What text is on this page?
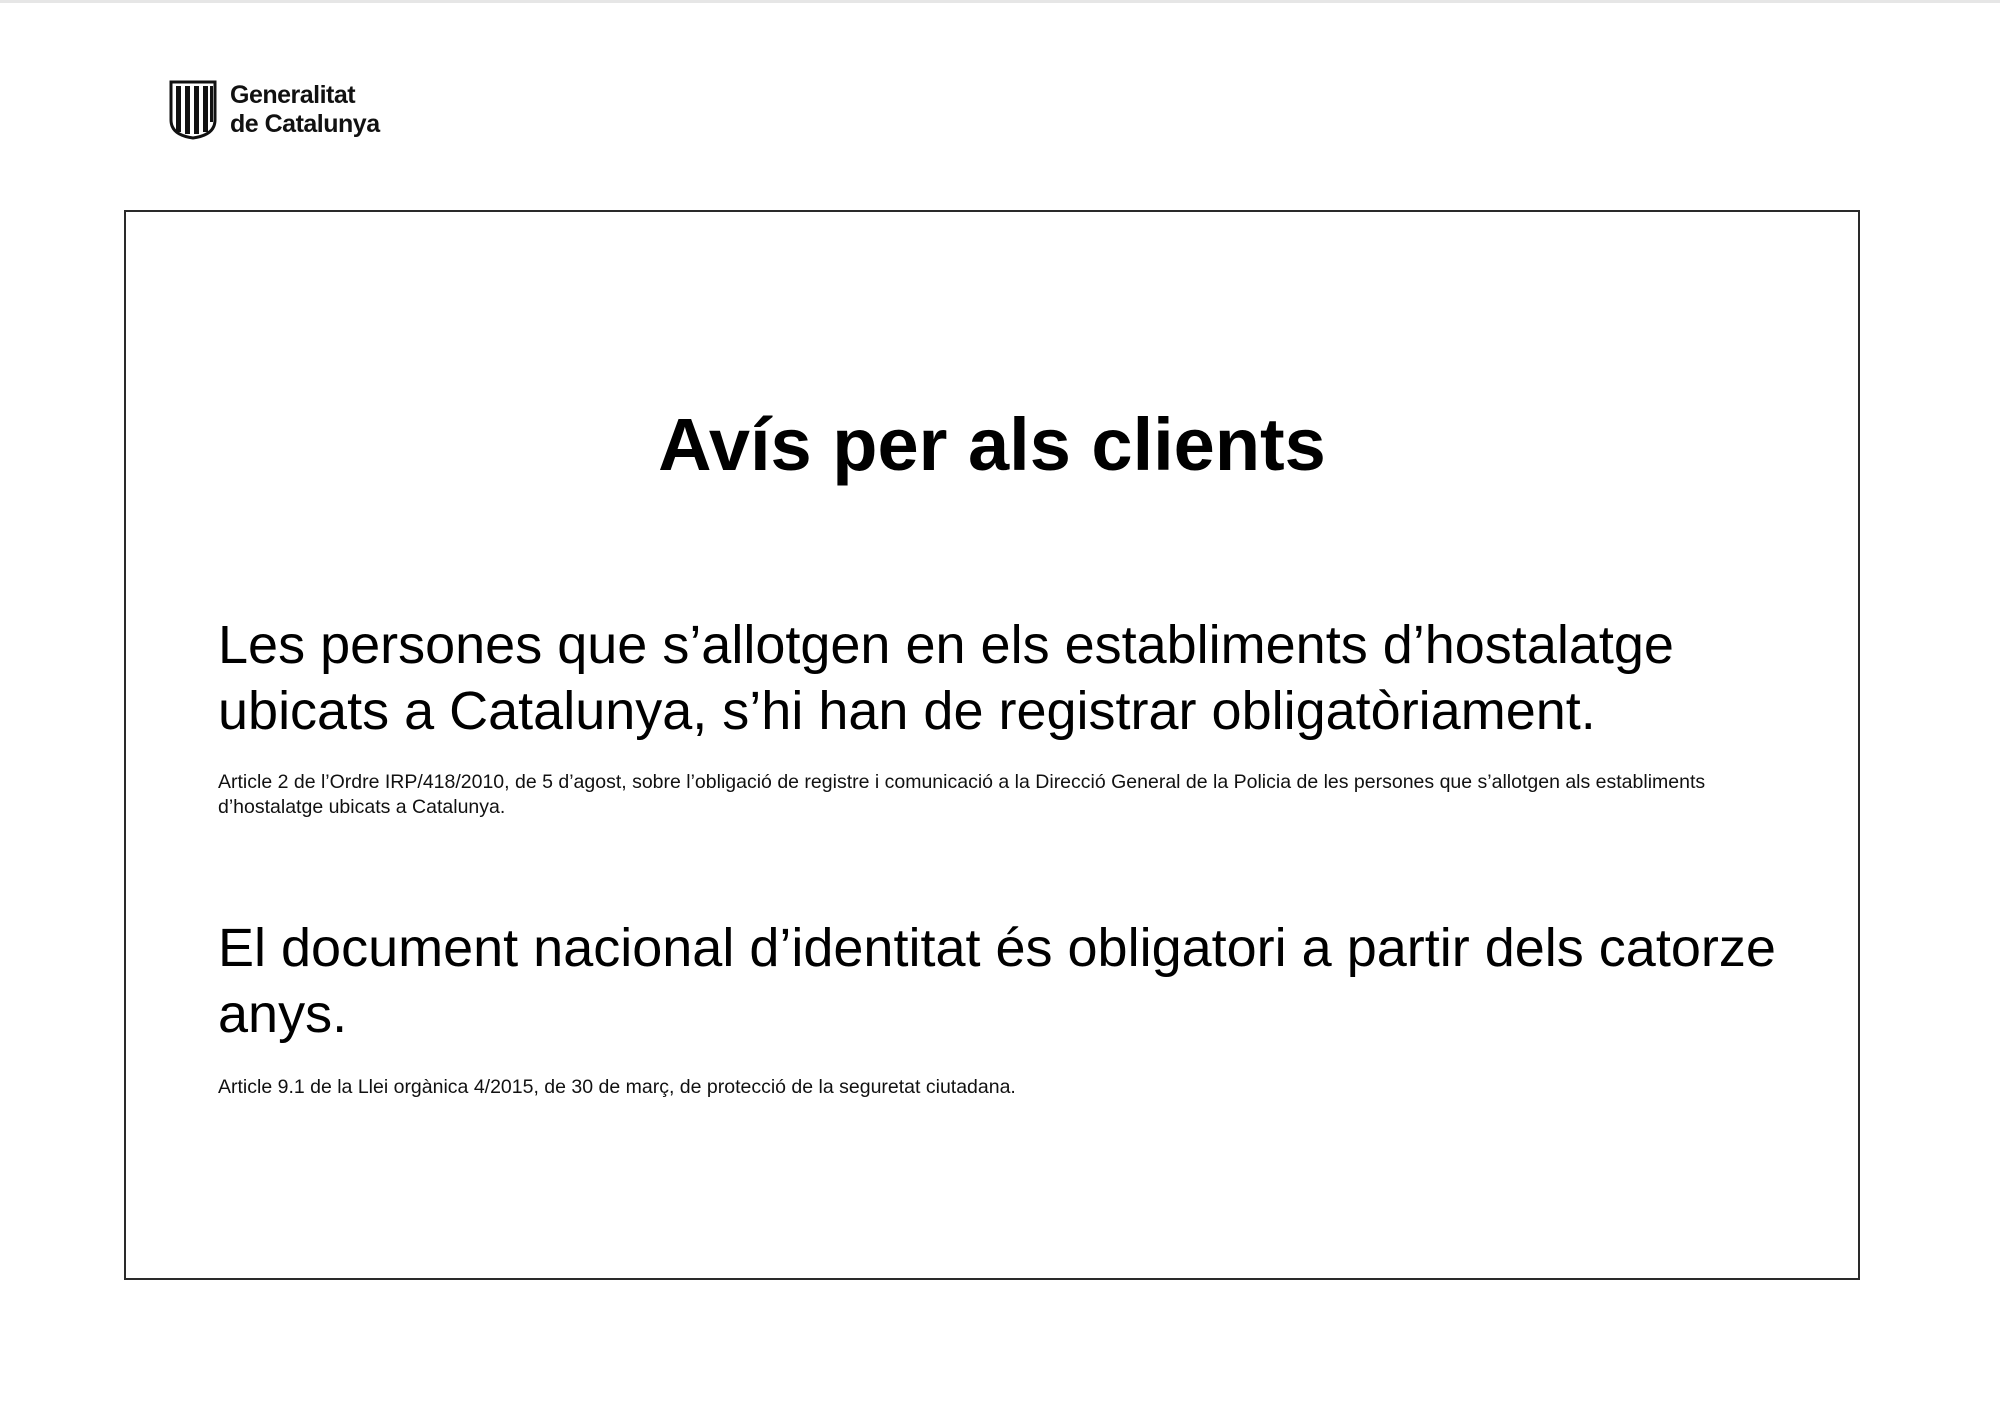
Generalitat
de Catalunya
Avís per als clients

Les persones que s’allotgen en els establiments d’hostalatge ubicats a Catalunya, s’hi han de registrar obligatòriament.

Article 2 de l’Ordre IRP/418/2010, de 5 d’agost, sobre l’obligació de registre i comunicació a la Direcció General de la Policia de les persones que s’allotgen als establiments d’hostalatge ubicats a Catalunya.

El document nacional d’identitat és obligatori a partir dels catorze anys.

Article 9.1 de la Llei orgànica 4/2015, de 30 de març, de protecció de la seguretat ciutadana.
